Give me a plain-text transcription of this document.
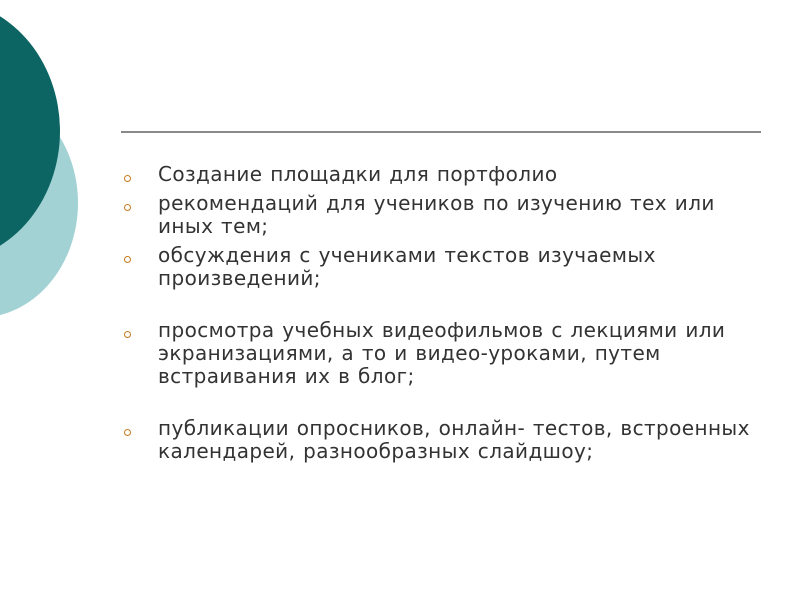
Создание площадки для портфолио
рекомендаций для учеников по изучению тех или иных тем;
обсуждения с учениками текстов изучаемых произведений;
просмотра учебных видеофильмов с лекциями или экранизациями, а то и видео-уроками, путем встраивания их в блог;
публикации опросников, онлайн- тестов, встроенных календарей, разнообразных слайдшоу;
